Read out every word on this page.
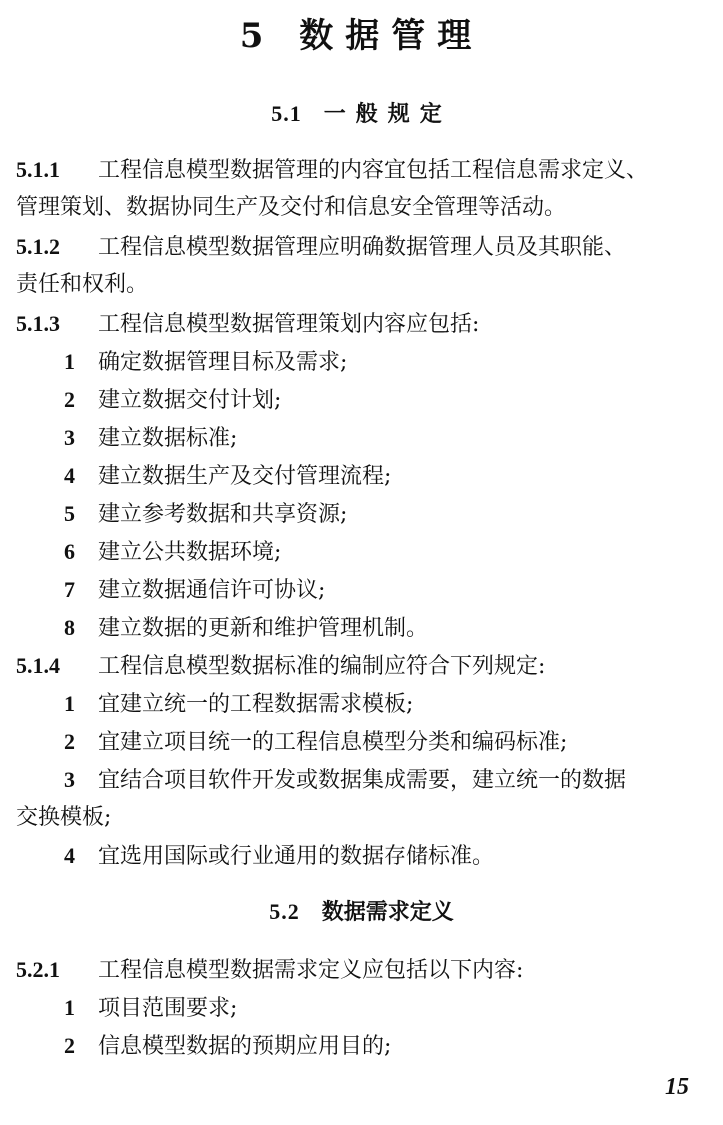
5 数据管理
5.1 一般规定
5.1.1 工程信息模型数据管理的内容宜包括工程信息需求定义、
管理策划、数据协同生产及交付和信息安全管理等活动。
5.1.2 工程信息模型数据管理应明确数据管理人员及其职能、
责任和权利。
5.1.3 工程信息模型数据管理策划内容应包括:
1 确定数据管理目标及需求;
2 建立数据交付计划;
3 建立数据标准;
4 建立数据生产及交付管理流程;
5 建立参考数据和共享资源;
6 建立公共数据环境;
7 建立数据通信许可协议;
8 建立数据的更新和维护管理机制。
5.1.4 工程信息模型数据标准的编制应符合下列规定:
1 宜建立统一的工程数据需求模板;
2 宜建立项目统一的工程信息模型分类和编码标准;
3 宜结合项目软件开发或数据集成需要，建立统一的数据
交换模板;
4 宜选用国际或行业通用的数据存储标准。
5.2 数据需求定义
5.2.1 工程信息模型数据需求定义应包括以下内容:
1 项目范围要求;
2 信息模型数据的预期应用目的;
15
